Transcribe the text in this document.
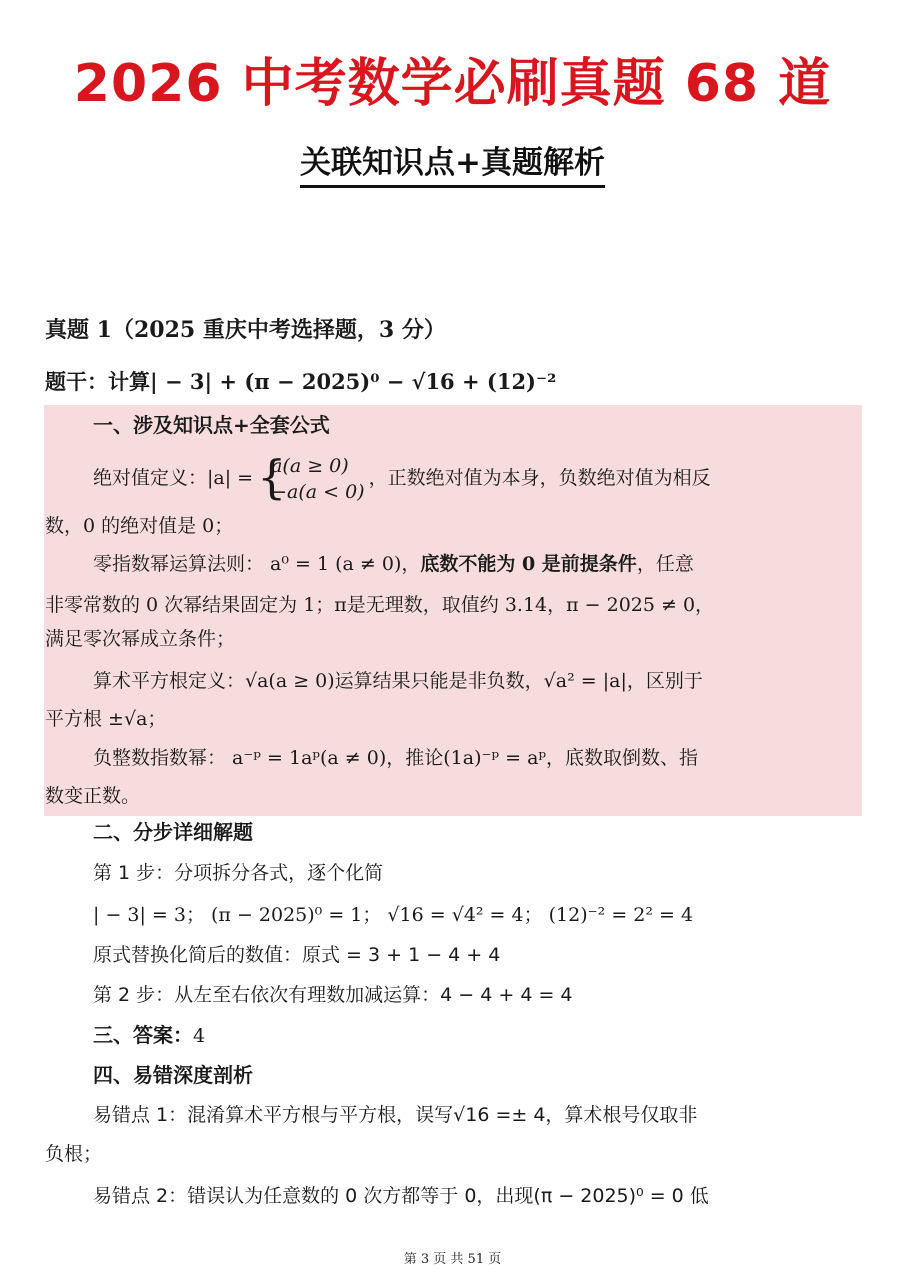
2026 中考数学必刷真题 68 道
关联知识点+真题解析
真题 1（2025 重庆中考选择题，3 分）
题干：计算| − 3| + (π − 2025)⁰ − √16 + (12)⁻²
一、涉及知识点+全套公式
绝对值定义：|a| = {
a(a ≥ 0)
−a(a < 0)，正数绝对值为本身，负数绝对值为相反
数，0 的绝对值是 0；
零指数幂运算法则： a⁰ = 1 (a ≠ 0)，底数不能为 0 是前提条件，任意
非零常数的 0 次幂结果固定为 1；π是无理数，取值约 3.14，π − 2025 ≠ 0，
满足零次幂成立条件；
算术平方根定义：√a(a ≥ 0)运算结果只能是非负数，√a² = |a|，区别于
平方根 ±√a；
负整数指数幂： a⁻ᵖ = 1aᵖ(a ≠ 0)，推论(1a)⁻ᵖ = aᵖ，底数取倒数、指
数变正数。
二、分步详细解题
第 1 步：分项拆分各式，逐个化简
| − 3| = 3； (π − 2025)⁰ = 1； √16 = √4² = 4； (12)⁻² = 2² = 4
原式替换化简后的数值：原式 = 3 + 1 − 4 + 4
第 2 步：从左至右依次有理数加减运算：4 − 4 + 4 = 4
三、答案：4
四、易错深度剖析
易错点 1：混淆算术平方根与平方根，误写√16 =± 4，算术根号仅取非
负根；
易错点 2：错误认为任意数的 0 次方都等于 0，出现(π − 2025)⁰ = 0 低
第 3 页 共 51 页
